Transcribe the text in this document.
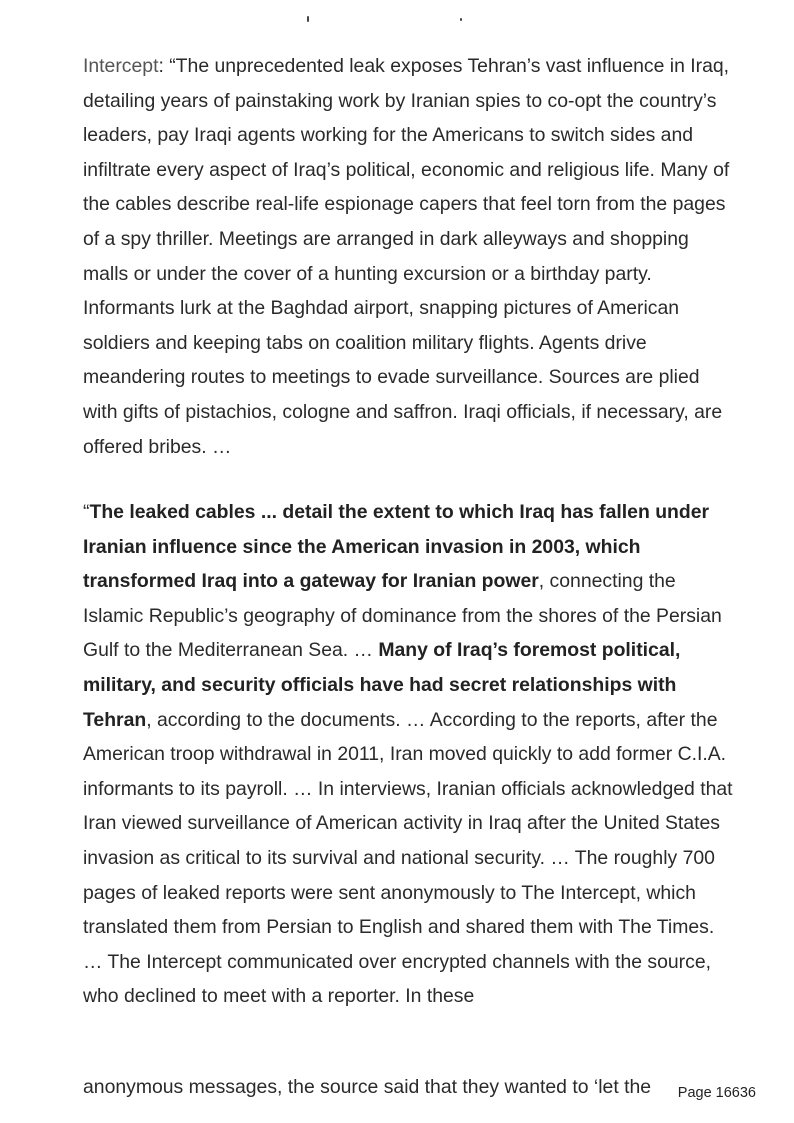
Intercept: “The unprecedented leak exposes Tehran’s vast influence in Iraq, detailing years of painstaking work by Iranian spies to co-opt the country’s leaders, pay Iraqi agents working for the Americans to switch sides and infiltrate every aspect of Iraq’s political, economic and religious life. Many of the cables describe real-life espionage capers that feel torn from the pages of a spy thriller. Meetings are arranged in dark alleyways and shopping malls or under the cover of a hunting excursion or a birthday party. Informants lurk at the Baghdad airport, snapping pictures of American soldiers and keeping tabs on coalition military flights. Agents drive meandering routes to meetings to evade surveillance. Sources are plied with gifts of pistachios, cologne and saffron. Iraqi officials, if necessary, are offered bribes. …

“The leaked cables ... detail the extent to which Iraq has fallen under Iranian influence since the American invasion in 2003, which transformed Iraq into a gateway for Iranian power, connecting the Islamic Republic’s geography of dominance from the shores of the Persian Gulf to the Mediterranean Sea. … Many of Iraq’s foremost political, military, and security officials have had secret relationships with Tehran, according to the documents. … According to the reports, after the American troop withdrawal in 2011, Iran moved quickly to add former C.I.A. informants to its payroll. … In interviews, Iranian officials acknowledged that Iran viewed surveillance of American activity in Iraq after the United States invasion as critical to its survival and national security. … The roughly 700 pages of leaked reports were sent anonymously to The Intercept, which translated them from Persian to English and shared them with The Times. … The Intercept communicated over encrypted channels with the source, who declined to meet with a reporter. In these

anonymous messages, the source said that they wanted to ‘let the Page 16636
